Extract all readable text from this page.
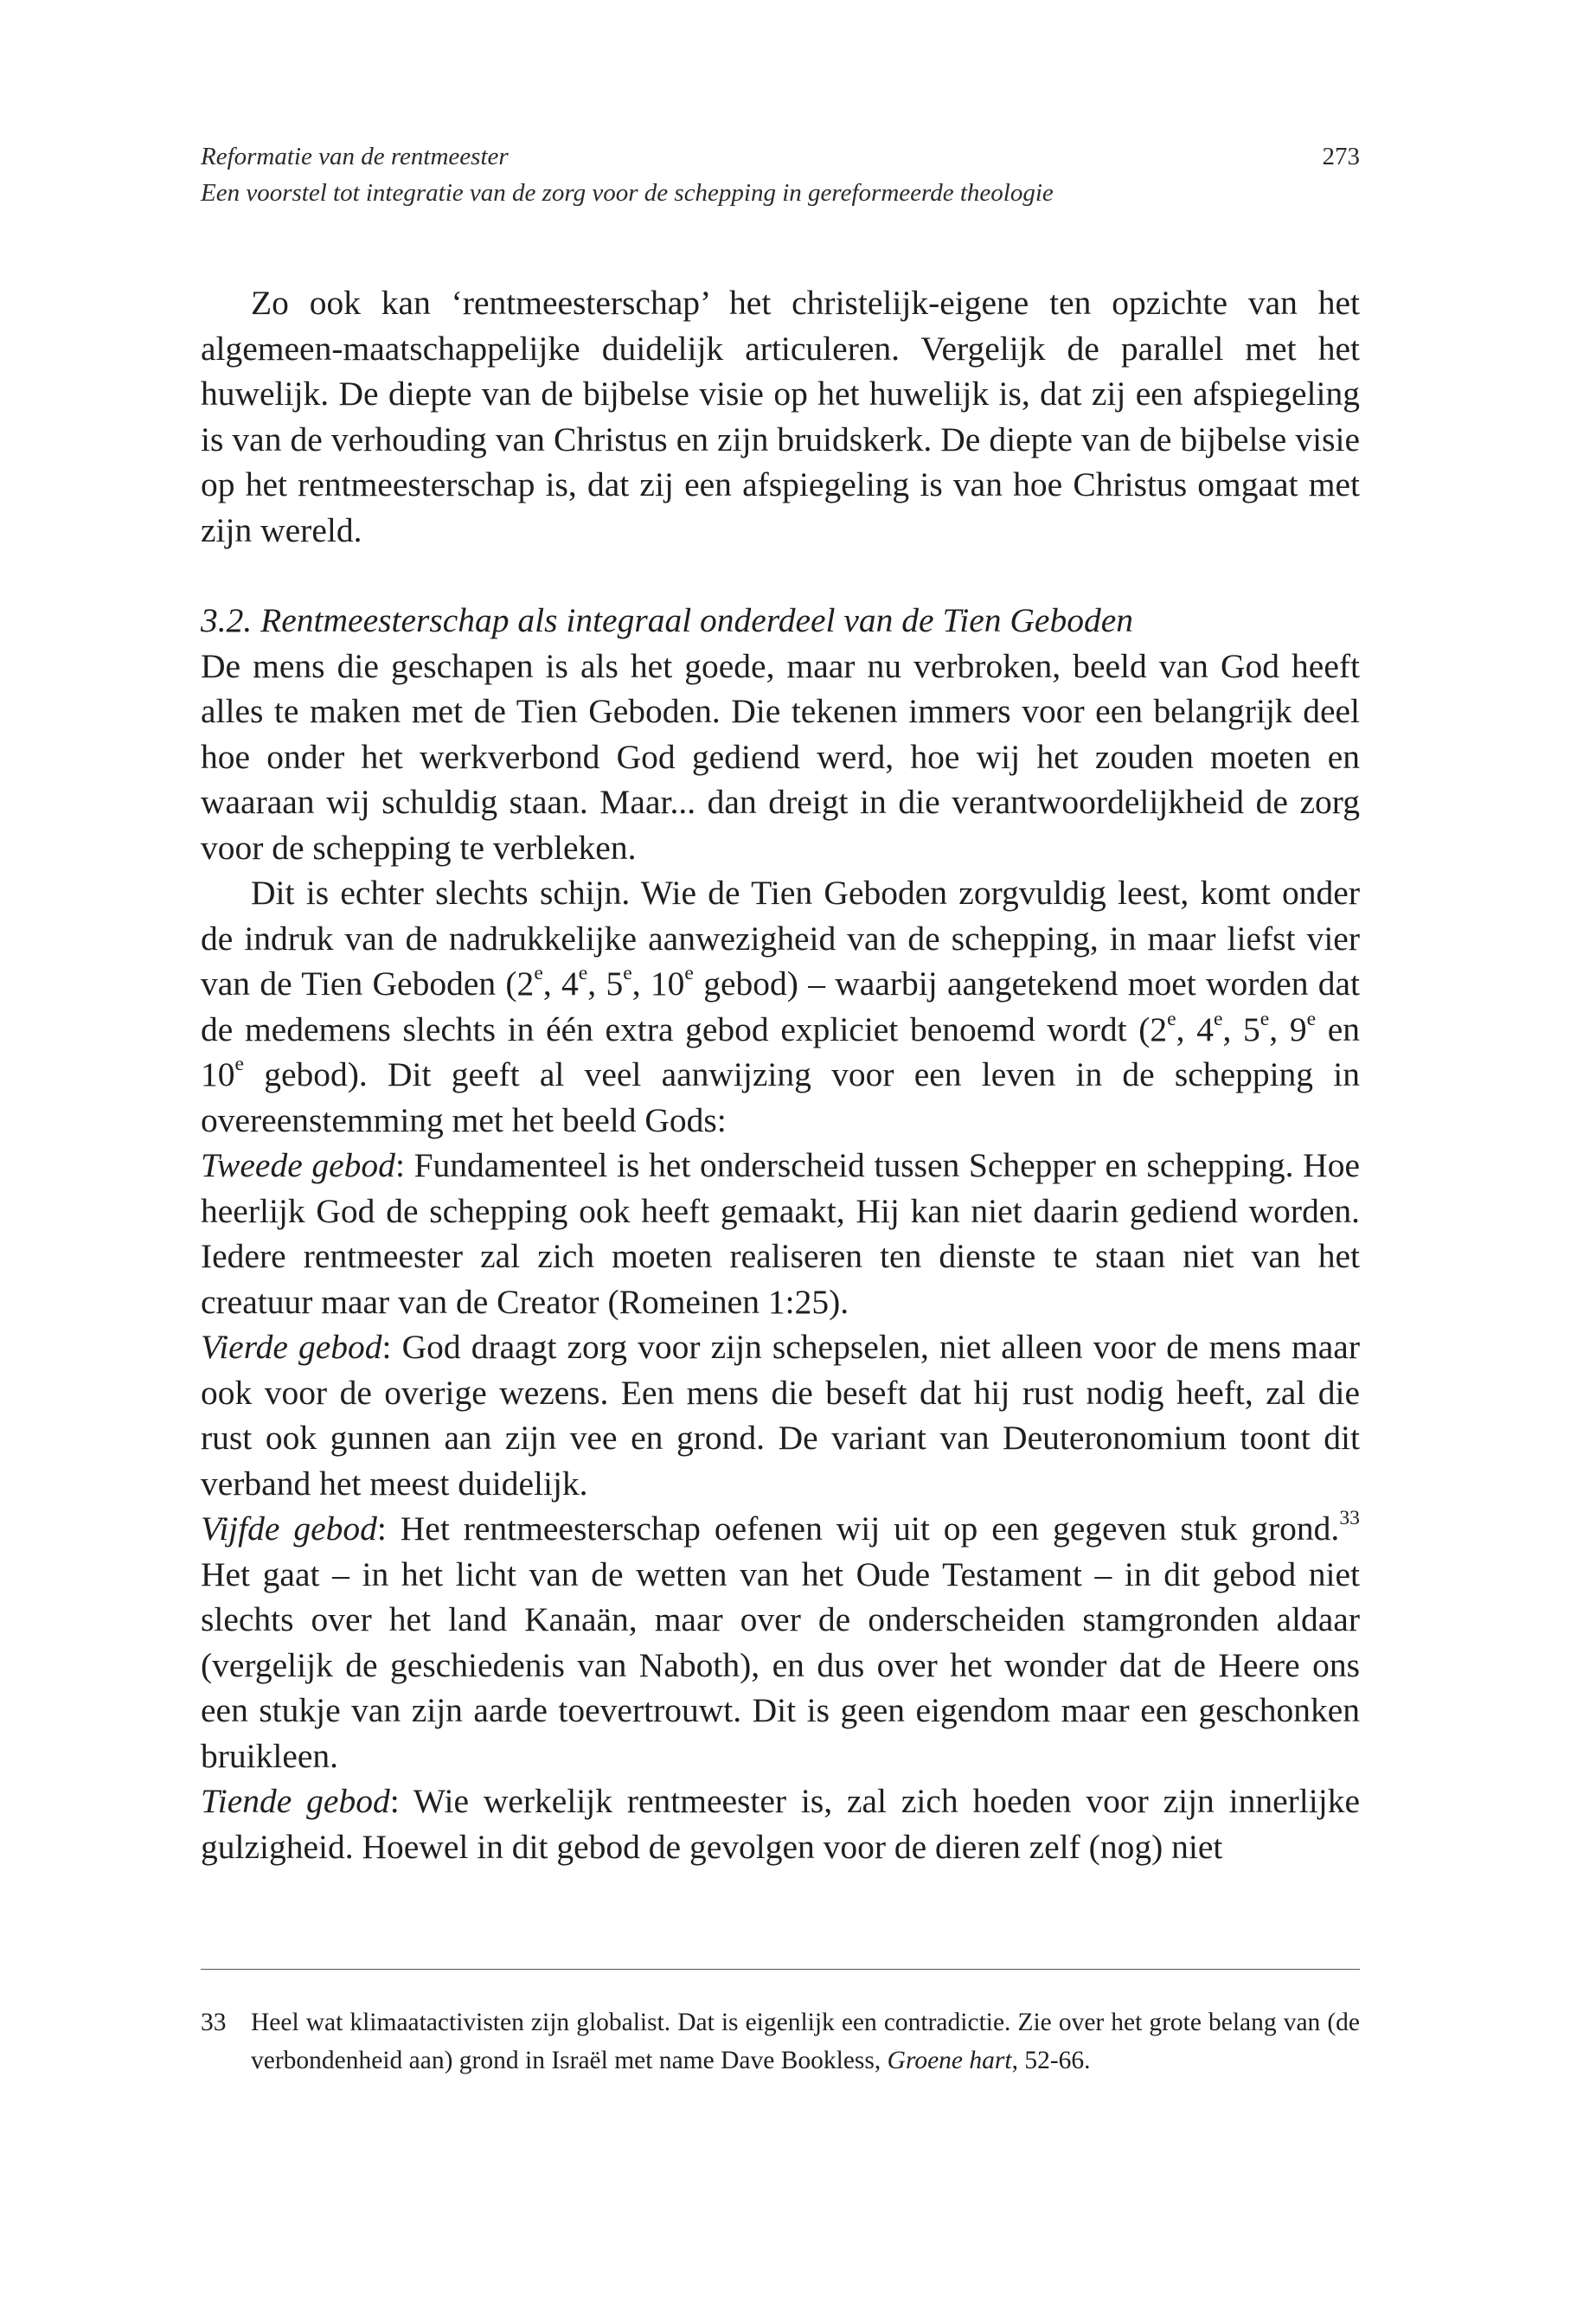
Reformatie van de rentmeester
Een voorstel tot integratie van de zorg voor de schepping in gereformeerde theologie
273

Zo ook kan ‘rentmeesterschap’ het christelijk-eigene ten opzichte van het algemeen-maatschappelijke duidelijk articuleren. Vergelijk de parallel met het huwelijk. De diepte van de bijbelse visie op het huwelijk is, dat zij een afspiegeling is van de verhouding van Christus en zijn bruidskerk. De diepte van de bijbelse visie op het rentmeesterschap is, dat zij een afspiegeling is van hoe Christus omgaat met zijn wereld.

3.2. Rentmeesterschap als integraal onderdeel van de Tien Geboden

De mens die geschapen is als het goede, maar nu verbroken, beeld van God heeft alles te maken met de Tien Geboden. Die tekenen immers voor een belangrijk deel hoe onder het werkverbond God gediend werd, hoe wij het zouden moeten en waaraan wij schuldig staan. Maar... dan dreigt in die verantwoordelijkheid de zorg voor de schepping te verbleken.

Dit is echter slechts schijn. Wie de Tien Geboden zorgvuldig leest, komt onder de indruk van de nadrukkelijke aanwezigheid van de schepping, in maar liefst vier van de Tien Geboden (2e, 4e, 5e, 10e gebod) – waarbij aangetekend moet worden dat de medemens slechts in één extra gebod expliciet benoemd wordt (2e, 4e, 5e, 9e en 10e gebod). Dit geeft al veel aanwijzing voor een leven in de schepping in overeenstemming met het beeld Gods:

Tweede gebod: Fundamenteel is het onderscheid tussen Schepper en schepping. Hoe heerlijk God de schepping ook heeft gemaakt, Hij kan niet daarin gediend worden. Iedere rentmeester zal zich moeten realiseren ten dienste te staan niet van het creatuur maar van de Creator (Romeinen 1:25).

Vierde gebod: God draagt zorg voor zijn schepselen, niet alleen voor de mens maar ook voor de overige wezens. Een mens die beseft dat hij rust nodig heeft, zal die rust ook gunnen aan zijn vee en grond. De variant van Deuteronomium toont dit verband het meest duidelijk.

Vijfde gebod: Het rentmeesterschap oefenen wij uit op een gegeven stuk grond.$^{33}$ Het gaat – in het licht van de wetten van het Oude Testament – in dit gebod niet slechts over het land Kanaän, maar over de onderscheiden stamgronden aldaar (vergelijk de geschiedenis van Naboth), en dus over het wonder dat de Heere ons een stukje van zijn aarde toevertrouwt. Dit is geen eigendom maar een geschonken bruikleen.

Tiende gebod: Wie werkelijk rentmeester is, zal zich hoeden voor zijn innerlijke gulzigheid. Hoewel in dit gebod de gevolgen voor de dieren zelf (nog) niet

33 Heel wat klimaatactivisten zijn globalist. Dat is eigenlijk een contradictie. Zie over het grote belang van (de verbondenheid aan) grond in Israël met name Dave Bookless, Groene hart, 52-66.
